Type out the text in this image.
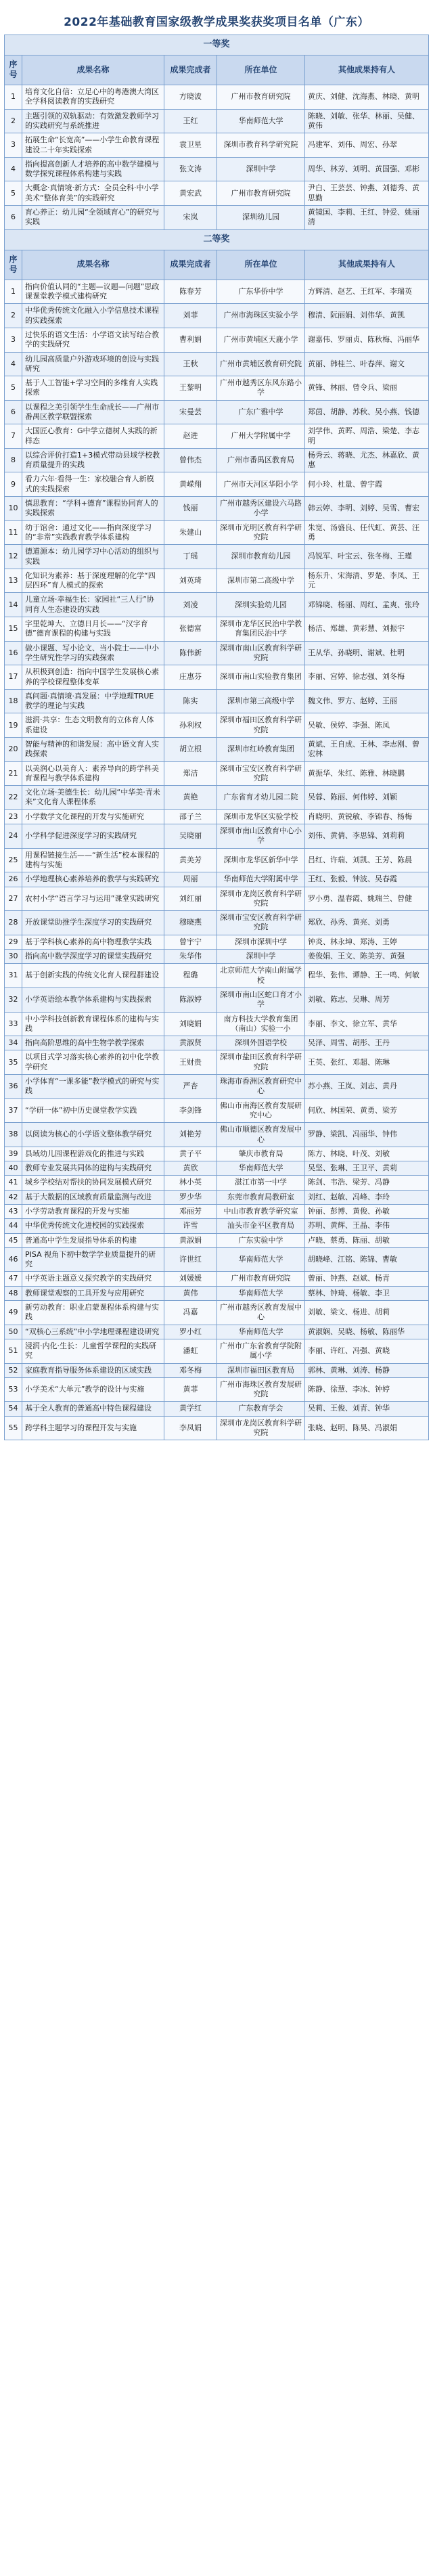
2022年基础教育国家级教学成果奖获奖项目名单（广东）
一等奖				
序号	成果名称	成果完成者	所在单位	其他成果持有人
1	培育文化自信：立足心中的粤港澳大湾区全学科阅读教育的实践研究	方晓波	广州市教育研究院	黄庆、刘健、沈海燕、林晓、黄明
2	主题引领的双轨驱动：有效激发教师学习的实践研究与系统推进	王红	华南师范大学	陈晓、刘敏、张华、林丽、吴健、黄伟
3	拓展生命“长宽高”——小学生命教育课程建设二十年实践探索	袁卫星	深圳市教育科学研究院	冯建军、刘伟、周宏、孙翠
4	指向提高创新人才培养的高中数学建模与数学探究课程体系构建与实践	张文涛	深圳中学	周华、林芳、刘明、黄国强、邓彬
5	大概念·真情境·新方式：全员全科·中小学美术“整体育美”的实践研究	黄宏武	广州市教育研究院	尹白、王芸芸、钟燕、刘德秀、黄思勤
6	育心养正：幼儿园“全领域育心”的研究与实践	宋岚	深圳幼儿园	黄镜国、李莉、王红、钟爱、姚丽清
二等奖				
序号	成果名称	成果完成者	所在单位	其他成果持有人
1	指向价值认同的“主题—议题—问题”思政课课堂教学模式建构研究	陈春芳	广东华侨中学	方辉清、赵艺、王红军、李瑞英
2	中华优秀传统文化融入小学信息技术课程的实践探索	刘菲	广州市海珠区实验小学	穆清、阮丽娟、刘伟华、黄凯
3	过快乐的语文生活：小学语文读写结合教学的实践研究	曹利娟	广州市黄埔区天鹿小学	谢嘉伟、罗丽贞、陈秋梅、冯丽华
4	幼儿园高质量户外游戏环境的创设与实践研究	王秋	广州市黄埔区教育研究院	黄丽、韩桂兰、叶春萍、谢文
5	基于人工智能+学习空间的多维育人实践探索	王黎明	广州市越秀区东风东路小学	黄锋、林丽、曾令兵、梁丽
6	以课程之美引领学生生命成长——广州市番禺区教学联盟探索	宋曼芸	广东广雅中学	郑茵、胡静、苏秋、吴小燕、钱德
7	大国匠心教育：G中学立德树人实践的新样态	赵进	广州大学附属中学	刘学伟、黄晖、周浩、梁楚、李志明
8	以综合评价打造1+3模式带动县域学校教育质量提升的实践	曾伟杰	广州市番禺区教育局	杨秀云、蒋晓、尤杰、林嘉欣、黄惠
9	看力六年·看得一生：家校融合育人新模式的实践探索	黄嵘翔	广州市天河区华阳小学	何小玲、杜量、曾宇霞
10	慎思教育：“学科+德育”课程协同育人的实践探索	钱丽	广州市越秀区建设六马路小学	韩云婷、李明、刘婷、吴雪、曹宏
11	幼于馆舍：通过文化——指向深度学习的“非常”实践教育教学体系建构	朱建山	深圳市光明区教育科学研究院	朱宽、汤盛良、任代虹、黄芸、汪勇
12	德道源本：幼儿园学习中心活动的组织与实践	丁瑶	深圳市教育幼儿园	冯锐军、叶宝云、张冬梅、王瑾
13	化知识为素养：基于深度理解的化学“四层四环”育人模式的探索	刘英琦	深圳市第二高级中学	杨东升、宋海清、罗楚、李凤、王元
14	儿童立场·幸福生长：家园社“三人行”协同育人生态建设的实践	刘凌	深圳实验幼儿园	邓锦晓、杨丽、周红、孟爽、张玲
15	字里乾坤大、立德日月长——“汉字育德”德育课程的构建与实践	张德富	深圳市龙华区民治中学教育集团民治中学	杨洁、郑雄、黄彩慧、刘振宇
16	做小课题、写小论文、当小院士——中小学生研究性学习的实践探索	陈伟新	深圳市南山区教育科学研究院	王从华、孙晓明、谢斌、杜明
17	从积极到创造：指向中国学生发展核心素养的学校课程整体变革	庄惠芬	深圳市南山实验教育集团	李丽、宫婷、徐志强、刘冬梅
18	真问题·真情境·真发展：中学地理TRUE教学的理论与实践	陈实	深圳市第三高级中学	魏文伟、罗方、赵婷、王丽
19	滋润·共享：生态文明教育的立体育人体系建设	孙利权	深圳市福田区教育科学研究院	吴敏、侯婷、李强、陈凤
20	智能与精神的和谐发展：高中语文育人实践探索	胡立根	深圳市红岭教育集团	黄斌、王自成、王林、李志刚、曾宏林
21	以美润心以美育人：素养导向的跨学科美育课程与教学体系建构	郑洁	深圳市宝安区教育科学研究院	黄振华、朱红、陈雅、林晓鹏
22	文化立场·美德生长：幼儿园“中华美·青未来”文化育人课程体系	黄艳	广东省育才幼儿园二院	吴蓉、陈丽、何伟婷、刘颖
23	小学数学文化课程的开发与实施研究	邵子兰	深圳市龙华区实验学校	肖晓明、黄锐敏、李锦春、杨梅
24	小学科学促进深度学习的实践研究	吴晓丽	深圳市南山区教育中心小学	刘伟、黄倩、李思锦、刘莉莉
25	用课程链接生活——“新生活”校本课程的建构与实施	黄美芳	深圳市龙华区新华中学	吕红、许瑞、刘凯、王芳、陈晨
26	小学地理核心素养培养的教学与实践研究	周丽	华南师范大学附属中学	王红、张毅、钟波、吴春霞
27	农村小学“语言学习与运用”课堂实践研究	刘红丽	深圳市龙岗区教育科学研究院	罗小勇、温春霞、姚瑞兰、曾健
28	开放课堂助推学生深度学习的实践研究	穆晓燕	深圳市宝安区教育科学研究院	郑欣、孙秀、黄亮、刘勇
29	基于学科核心素养的高中物理教学实践	曾宇宁	深圳市深圳中学	钟炎、林永坤、郑涛、王婷
30	指向高中数学深度学习的课堂实践研究	朱华伟	深圳中学	姜俊娟、王文、陈美芳、黄强
31	基于创新实践的传统文化育人课程群建设	程璐	北京师范大学南山附属学校	程华、张伟、谭静、王一鸣、何敏
32	小学英语绘本教学体系建构与实践探索	陈淑婷	深圳市南山区蛇口育才小学	刘敏、陈志、吴琳、周芳
33	中小学科技创新教育课程体系的建构与实践	刘晓娟	南方科技大学教育集团（南山）实验一小	李丽、李文、徐立军、黄华
34	指向高阶思维的高中生物学教学探索	黄淑贤	深圳外国语学校	吴泽、周雪、胡彤、王丹
35	以项目式学习落实核心素养的初中化学教学研究	王财贵	深圳市盐田区教育科学研究院	王英、张红、邓超、陈琳
36	小学体育“一课多能”教学模式的研究与实践	严杏	珠海市香洲区教育研究中心	苏小燕、王岚、刘志、黄丹
37	“学研一体”初中历史课堂教学实践	李剑锋	佛山市南海区教育发展研究中心	何欣、林国荣、黄勇、梁芳
38	以阅读为核心的小学语文整体教学研究	刘艳芳	佛山市顺德区教育发展中心	罗静、梁凯、冯丽华、钟伟
39	县域幼儿园课程游戏化的推进与实践	黄子平	肇庆市教育局	陈方、林晓、叶茂、刘敏
40	教师专业发展共同体的建构与实践研究	黄欣	华南师范大学	吴坚、张琳、王卫平、黄莉
41	城乡学校结对帮扶的协同发展模式研究	林小英	湛江市第一中学	陈剑、韦浩、梁芳、冯静
42	基于大数据的区域教育质量监测与改进	罗少华	东莞市教育局教研室	刘红、赵敏、冯峰、李玲
43	小学劳动教育课程的开发与实施	邓丽芳	中山市教育教学研究室	钟丽、彭博、黄俊、孙敏
44	中华优秀传统文化进校园的实践探索	许雪	汕头市金平区教育局	苏明、黄辉、王晶、李伟
45	普通高中学生发展指导体系的构建	黄淑娟	广东实验中学	卢晓、蔡勇、陈丽、胡敏
46	PISA 视角下初中数学学业质量提升的研究	许世红	华南师范大学	胡晓峰、江铭、陈锦、曹敏
47	中学英语主题意义探究教学的实践研究	刘媛媛	广州市教育研究院	曾丽、钟燕、赵斌、杨青
48	教师课堂观察的工具开发与应用研究	黄伟	华南师范大学	蔡林、钟琦、杨敏、李卫
49	新劳动教育：职业启蒙课程体系构建与实践	冯嘉	广州市越秀区教育发展中心	刘敏、梁文、杨进、胡莉
50	“双核心三系统”中小学地理课程建设研究	罗小红	华南师范大学	黄淑娴、吴晓、杨敏、陈丽华
51	浸润·内化·生长：儿童哲学课程的实践研究	潘虹	广州市广东省教育学院附属小学	李丽、许红、冯强、黄晓
52	家庭教育指导服务体系建设的区域实践	邓冬梅	深圳市福田区教育局	郭林、黄琳、刘涛、杨静
53	小学美术“大单元”教学的设计与实施	黄菲	广州市海珠区教育发展研究院	陈静、徐慧、李冰、钟婷
54	基于全人教育的普通高中特色课程建设	黄学红	广东教育学会	吴莉、王俊、刘青、钟华
55	跨学科主题学习的课程开发与实施	李凤娟	深圳市龙岗区教育科学研究院	张晓、赵明、陈昊、冯淑娟
